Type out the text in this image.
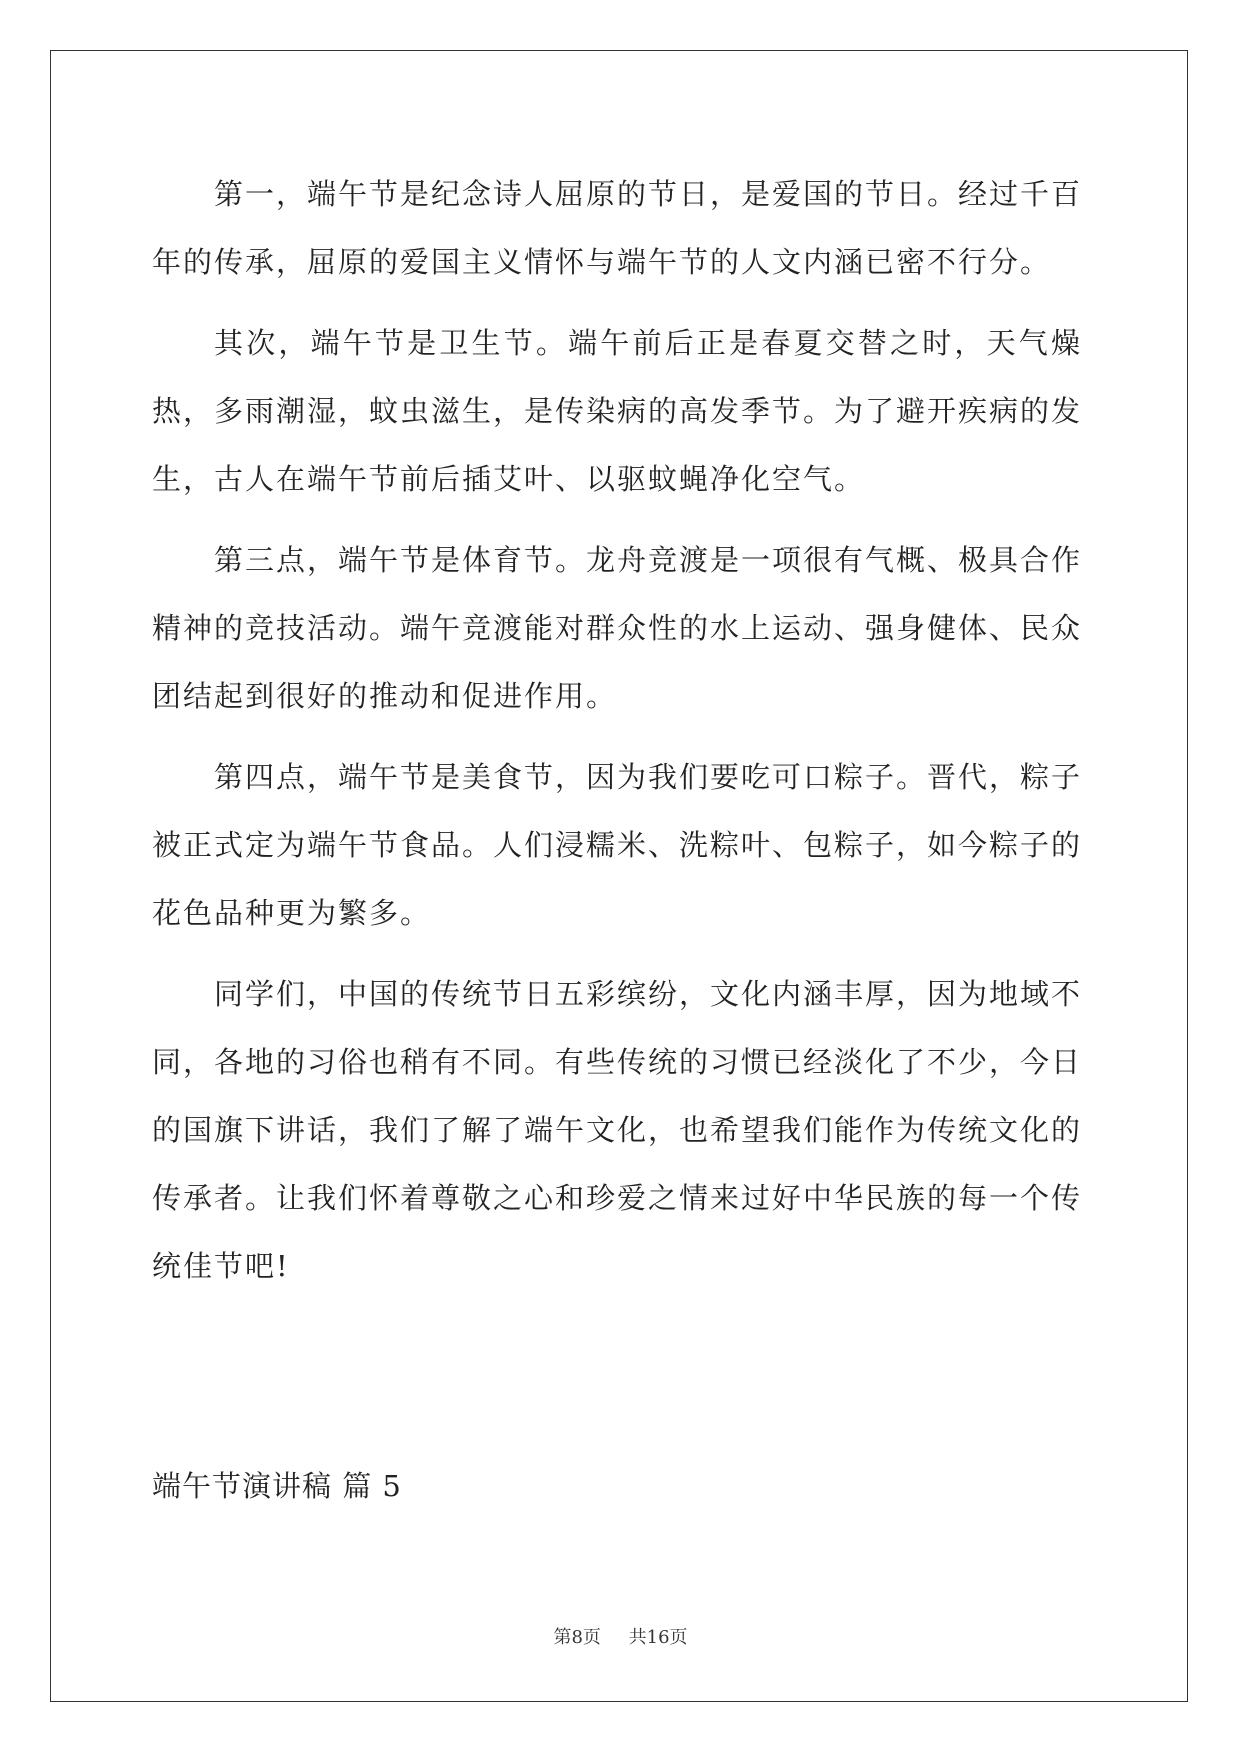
第一，端午节是纪念诗人屈原的节日，是爱国的节日。经过千百年的传承，屈原的爱国主义情怀与端午节的人文内涵已密不行分。

其次，端午节是卫生节。端午前后正是春夏交替之时，天气燥热，多雨潮湿，蚊虫滋生，是传染病的高发季节。为了避开疾病的发生，古人在端午节前后插艾叶、以驱蚊蝇净化空气。

第三点，端午节是体育节。龙舟竞渡是一项很有气概、极具合作精神的竞技活动。端午竞渡能对群众性的水上运动、强身健体、民众团结起到很好的推动和促进作用。

第四点，端午节是美食节，因为我们要吃可口粽子。晋代，粽子被正式定为端午节食品。人们浸糯米、洗粽叶、包粽子，如今粽子的花色品种更为繁多。

同学们，中国的传统节日五彩缤纷，文化内涵丰厚，因为地域不同，各地的习俗也稍有不同。有些传统的习惯已经淡化了不少，今日的国旗下讲话，我们了解了端午文化，也希望我们能作为传统文化的传承者。让我们怀着尊敬之心和珍爱之情来过好中华民族的每一个传统佳节吧!

端午节演讲稿 篇 5

第8页 共16页
